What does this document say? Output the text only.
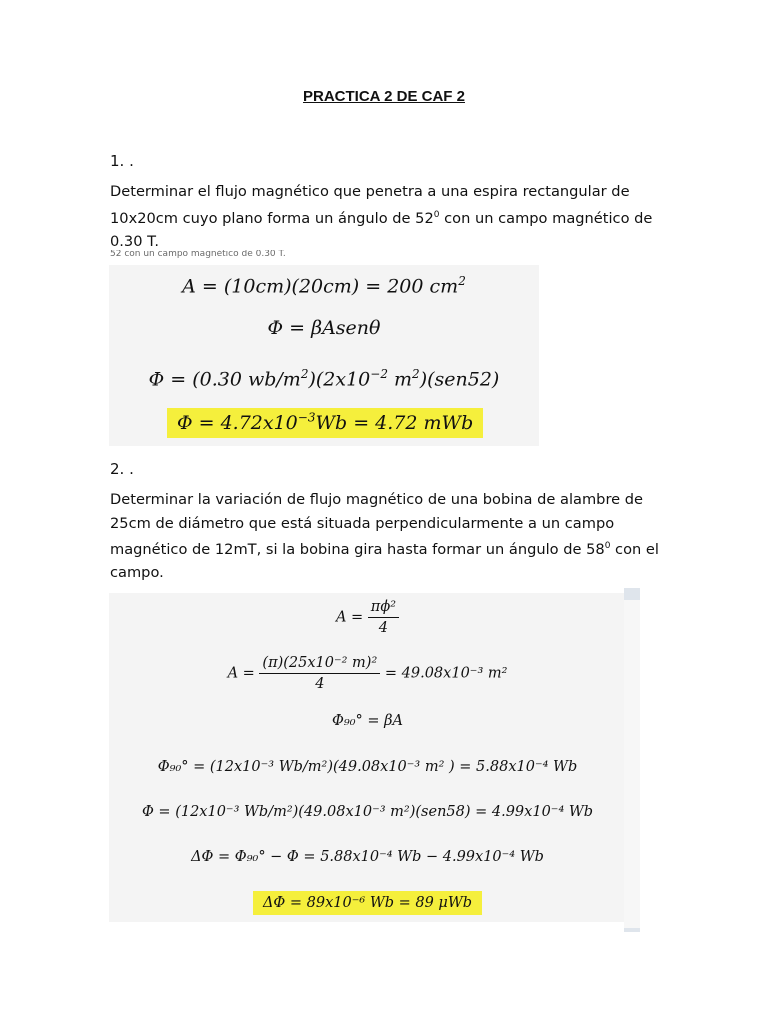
PRACTICA 2 DE CAF 2
1. .
Determinar el flujo magnético que penetra a una espira rectangular de
10x20cm cuyo plano forma un ángulo de $52^0$ con un campo magnético de
0.30 T.
52 con un campo magnético de 0.30 T.
A = (10cm)(20cm) = 200 $cm^2$
Φ = βAsenθ
Φ = (0.30 $wb/m^2)(2x10^{-2}$ $m^2)(sen52)$
$\Phi = 4.72x10^{-3}Wb = 4.72$ mWb
2. .
Determinar la variación de flujo magnético de una bobina de alambre de
25cm de diámetro que está situada perpendicularmente a un campo
magnético de 12mT, si la bobina gira hasta formar un ángulo de $58^0$ con el
campo.
$A = \frac{\text{πϕ²}}{4}$
$A = \frac{\text{(π)(25x10⁻² m)²}}{4} = 49.08x10^{-3}$ m²
Φ₉₀° = βA
Φ₉₀° = (12x10⁻³ Wb/m²)(49.08x10⁻³ m² ) = 5.88x10⁻⁴ Wb
Φ = (12x10⁻³ Wb/m²)(49.08x10⁻³ m²)(sen58) = 4.99x10⁻⁴ Wb
ΔΦ = Φ₉₀° − Φ = 5.88x10⁻⁴ Wb − 4.99x10⁻⁴ Wb
ΔΦ = 89x10⁻⁶ Wb = 89 μWb
